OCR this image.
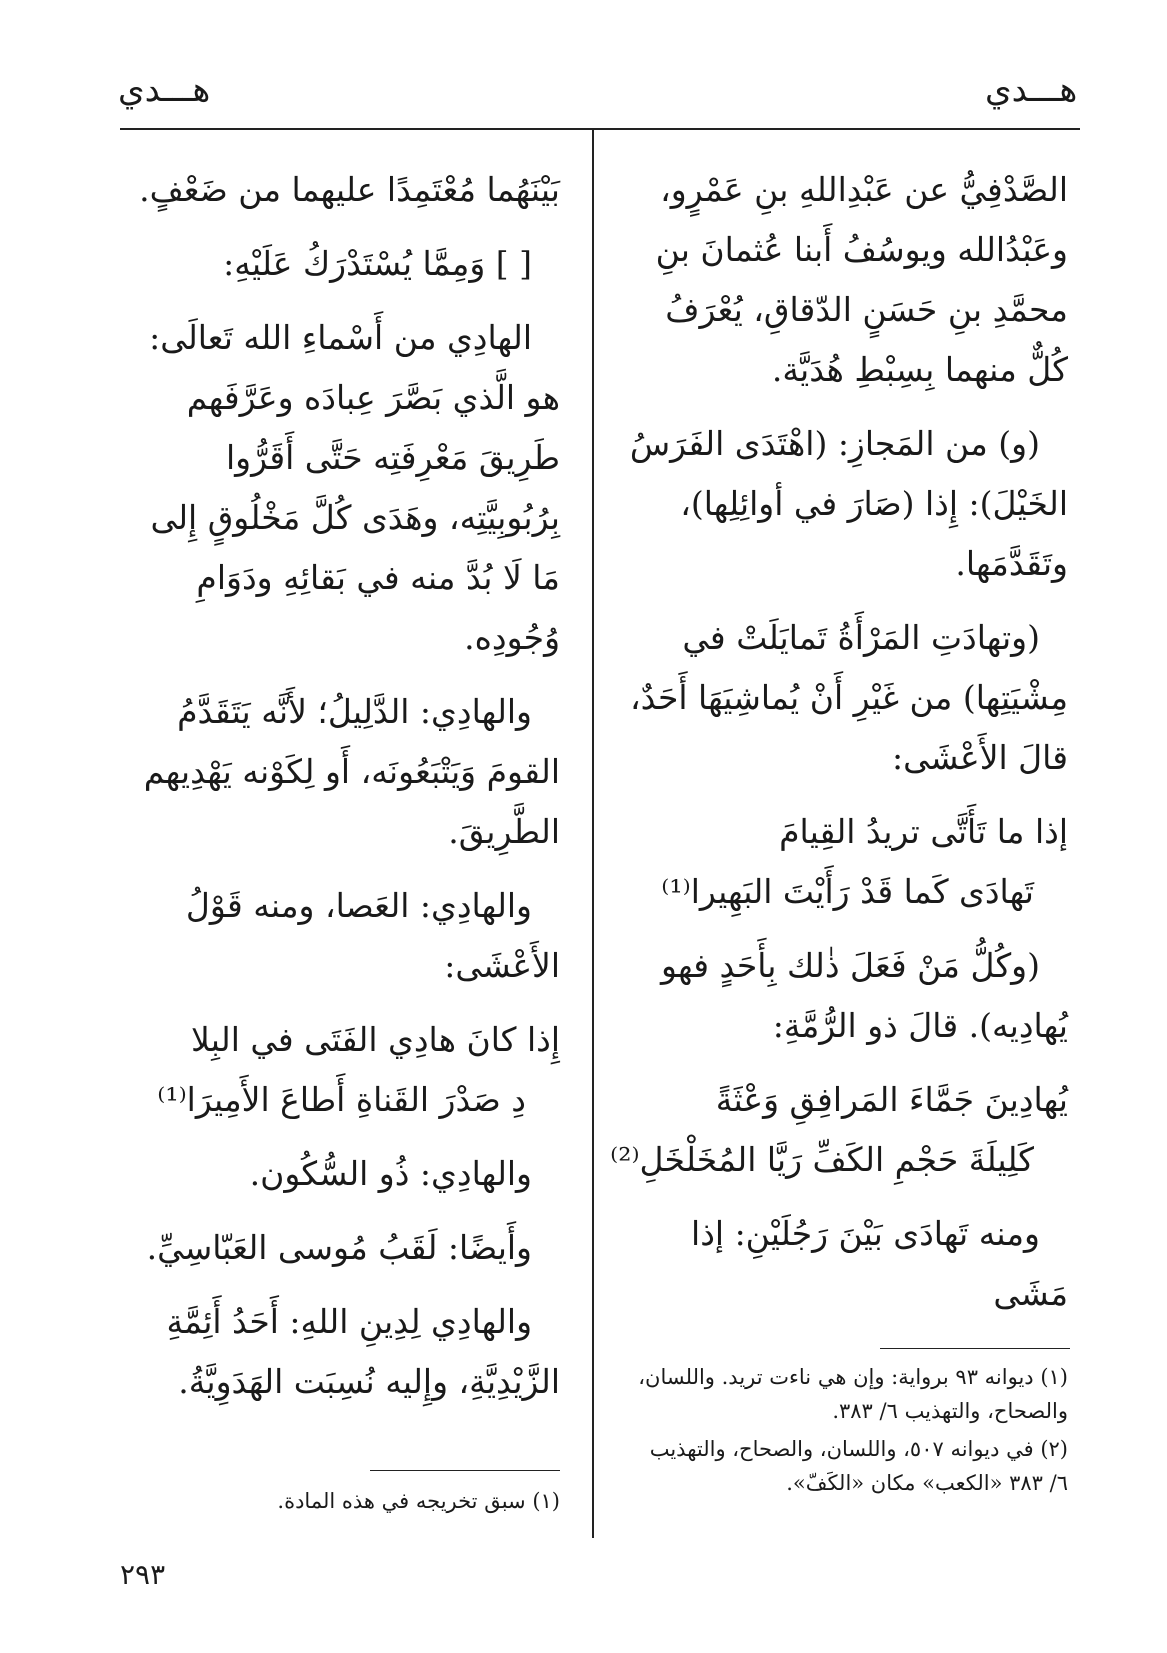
هـــدي
هـــدي

الصَّدْفِيُّ عن عَبْدِاللهِ بنِ عَمْرٍو، وعَبْدُالله ويوسُفُ أَبنا عُثمانَ بنِ محمَّدِ بنِ حَسَنٍ الدّقاقِ، يُعْرَفُ كُلٌّ منهما بِسِبْطِ هُدَيَّة.

(و) من المَجازِ: (اهْتَدَى الفَرَسُ الخَيْلَ): إِذا (صَارَ في أوائِلِها)، وتَقَدَّمَها.

(وتهادَتِ المَرْأَةُ تَمايَلَتْ في مِشْيَتِها) من غَيْرِ أَنْ يُماشِيَهَا أَحَدٌ، قالَ الأَعْشَى:

إذا ما تَأَتَّى تريدُ القِيامَ
تَهادَى كَما قَدْ رَأَيْتَ البَهِيرا⁽¹⁾

(وكُلُّ مَنْ فَعَلَ ذٰلك بِأَحَدٍ فهو يُهادِيه). قالَ ذو الرُّمَّةِ:

يُهادِينَ جَمَّاءَ المَرافِقِ وَعْثَةً
كَلِيلَةَ حَجْمِ الكَفِّ رَيَّا المُخَلْخَلِ⁽²⁾

ومنه تَهادَى بَيْنَ رَجُلَيْنِ: إذا مَشَى

بَيْنَهُما مُعْتَمِدًا عليهما من ضَعْفٍ.

[ ] وَمِمَّا يُسْتَدْرَكُ عَلَيْهِ:

الهادِي من أَسْماءِ الله تَعالَى: هو الَّذي بَصَّرَ عِبادَه وعَرَّفَهم طَرِيقَ مَعْرِفَتِه حَتَّى أَقَرُّوا بِرُبُوبِيَّتِه، وهَدَى كُلَّ مَخْلُوقٍ إِلى مَا لَا بُدَّ منه في بَقائِهِ ودَوَامِ وُجُودِه.

والهادِي: الدَّلِيلُ؛ لأَنَّه يَتَقَدَّمُ القومَ وَيَتْبَعُونَه، أَو لِكَوْنه يَهْدِيهم الطَّرِيقَ.

والهادِي: العَصا، ومنه قَوْلُ الأَعْشَى:

إِذا كانَ هادِي الفَتَى في البِلا
دِ صَدْرَ القَناةِ أَطاعَ الأَمِيرَا⁽¹⁾

والهادِي: ذُو السُّكُون.

وأَيضًا: لَقَبُ مُوسى العَبّاسِيِّ.

والهادِي لِدِينِ اللهِ: أَحَدُ أَئِمَّةِ الزَّيْدِيَّةِ، وإِليه نُسِبَت الهَدَوِيَّةُ.	(١) ديوانه ٩٣ برواية: وإن هي ناءت تريد. واللسان، والصحاح، والتهذيب ٦/ ٣٨٣.

(٢) في ديوانه ٥٠٧، واللسان، والصحاح، والتهذيب ٦/ ٣٨٣ «الكعب» مكان «الكَفّ».

(١) سبق تخريجه في هذه المادة.

٢٩٣
